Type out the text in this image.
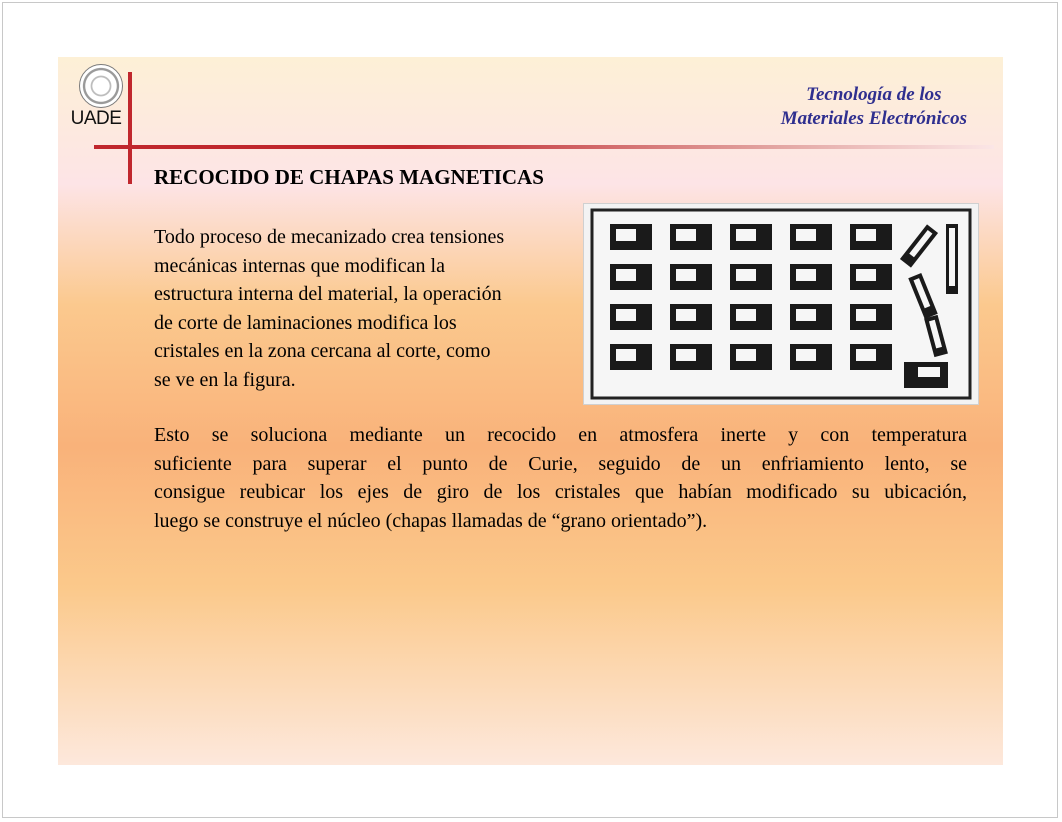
UADE
Tecnología de los
Materiales Electrónicos
RECOCIDO DE CHAPAS MAGNETICAS
Todo proceso de mecanizado crea tensiones
mecánicas internas que modifican la
estructura interna del material, la operación
de corte de laminaciones modifica los
cristales en la zona cercana al corte, como
se ve en la figura.
Esto se soluciona mediante un recocido en atmosfera inerte y con temperatura
suficiente para superar el punto de Curie, seguido de un enfriamiento lento, se
consigue reubicar los ejes de giro de los cristales que habían modificado su ubicación,
luego se construye el núcleo (chapas llamadas de “grano orientado”).
